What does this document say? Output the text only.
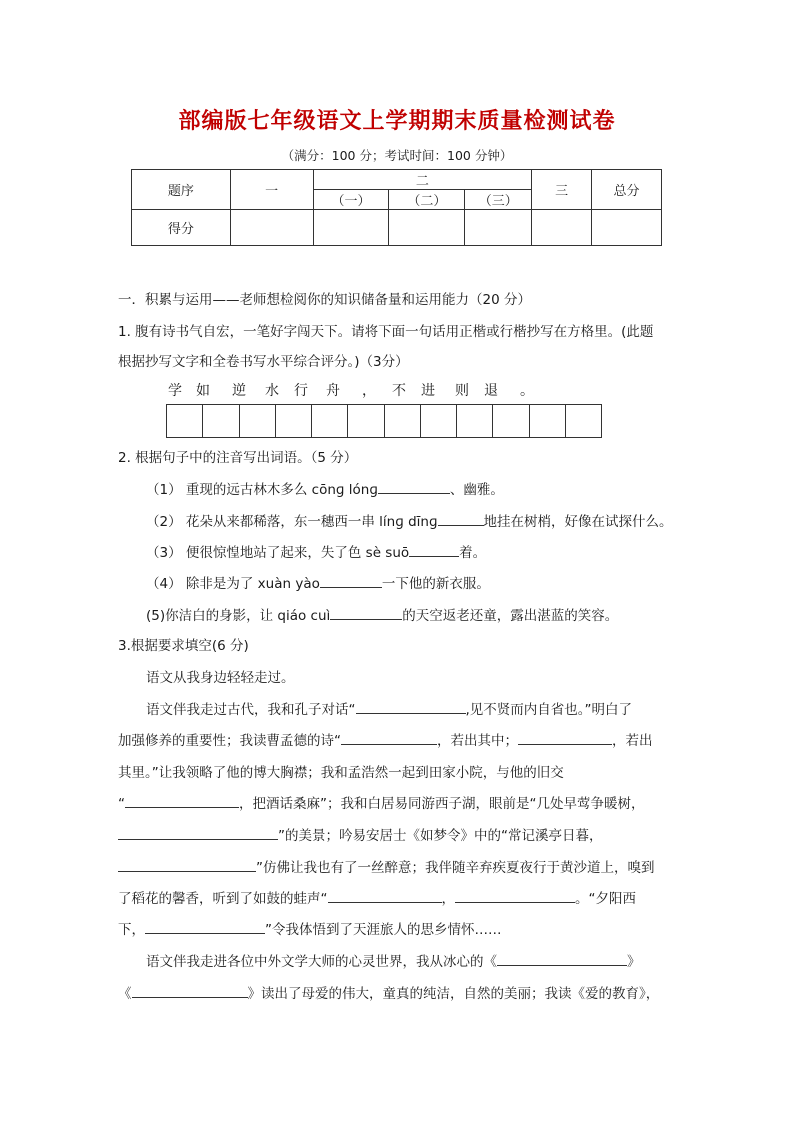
部编版七年级语文上学期期末质量检测试卷
（满分：100 分；考试时间：100 分钟）
题序	一	二			三	总分
		（一）	（二）	（三）		
得分						
一．积累与运用——老师想检阅你的知识储备量和运用能力（20 分）
1. 腹有诗书气自宏，一笔好字闯天下。请将下面一句话用正楷或行楷抄写在方格里。(此题
根据抄写文字和全卷书写水平综合评分。)（3分）
学 如 逆 水 行 舟 ， 不 进 则 退 。
2. 根据句子中的注音写出词语。（5 分）
（1） 重现的远古林木多么 cōnɡ lónɡ	、幽雅。
（2） 花朵从来都稀落，东一穗西一串 línɡ dīnɡ	地挂在树梢，好像在试探什么。
（3） 便很惊惶地站了起来，失了色 sè suō	着。
（4） 除非是为了 xuàn yào	一下他的新衣服。
(5)你洁白的身影，让 qiáo cuì	的天空返老还童，露出湛蓝的笑容。
3.根据要求填空(6 分)
语文从我身边轻轻走过。
语文伴我走过古代，我和孔子对话“	,见不贤而内自省也。”明白了
加强修养的重要性；我读曹孟德的诗“	，若出其中；	，若出
其里。”让我领略了他的博大胸襟；我和孟浩然一起到田家小院，与他的旧交
“	，把酒话桑麻”；我和白居易同游西子湖，眼前是“几处早莺争暖树，
”的美景；吟易安居士《如梦令》中的“常记溪亭日暮，
”仿佛让我也有了一丝醉意；我伴随辛弃疾夏夜行于黄沙道上，嗅到
了稻花的馨香，听到了如鼓的蛙声“	，	。“夕阳西
下，	”令我体悟到了天涯旅人的思乡情怀……
语文伴我走进各位中外文学大师的心灵世界，我从冰心的《	》
《	》读出了母爱的伟大，童真的纯洁，自然的美丽；我读《爱的教育》，
